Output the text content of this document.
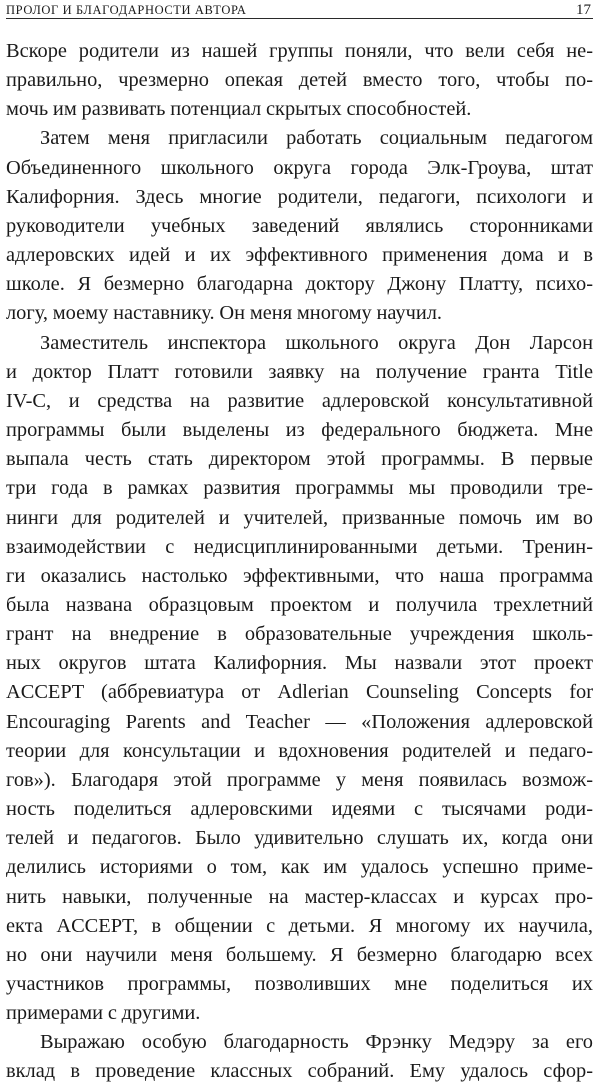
ПРОЛОГ И БЛАГОДАРНОСТИ АВТОРА	17

Вскоре родители из нашей группы поняли, что вели себя не-
правильно, чрезмерно опекая детей вместо того, чтобы по-
мочь им развивать потенциал скрытых способностей.

Затем меня пригласили работать социальным педагогом
Объединенного школьного округа города Элк-Гроува, штат
Калифорния. Здесь многие родители, педагоги, психологи и
руководители учебных заведений являлись сторонниками
адлеровских идей и их эффективного применения дома и в
школе. Я безмерно благодарна доктору Джону Платту, психо-
логу, моему наставнику. Он меня многому научил.

Заместитель инспектора школьного округа Дон Ларсон
и доктор Платт готовили заявку на получение гранта Title
IV-C, и средства на развитие адлеровской консультативной
программы были выделены из федерального бюджета. Мне
выпала честь стать директором этой программы. В первые
три года в рамках развития программы мы проводили тре-
нинги для родителей и учителей, призванные помочь им во
взаимодействии с недисциплинированными детьми. Тренин-
ги оказались настолько эффективными, что наша программа
была названа образцовым проектом и получила трехлетний
грант на внедрение в образовательные учреждения школь-
ных округов штата Калифорния. Мы назвали этот проект
ACCEPT (аббревиатура от Adlerian Counseling Concepts for
Encouraging Parents and Teacher — «Положения адлеровской
теории для консультации и вдохновения родителей и педаго-
гов»). Благодаря этой программе у меня появилась возмож-
ность поделиться адлеровскими идеями с тысячами роди-
телей и педагогов. Было удивительно слушать их, когда они
делились историями о том, как им удалось успешно приме-
нить навыки, полученные на мастер-классах и курсах про-
екта ACCEPT, в общении с детьми. Я многому их научила,
но они научили меня большему. Я безмерно благодарю всех
участников программы, позволивших мне поделиться их
примерами с другими.

Выражаю особую благодарность Фрэнку Медэру за его
вклад в проведение классных собраний. Ему удалось сфор-
